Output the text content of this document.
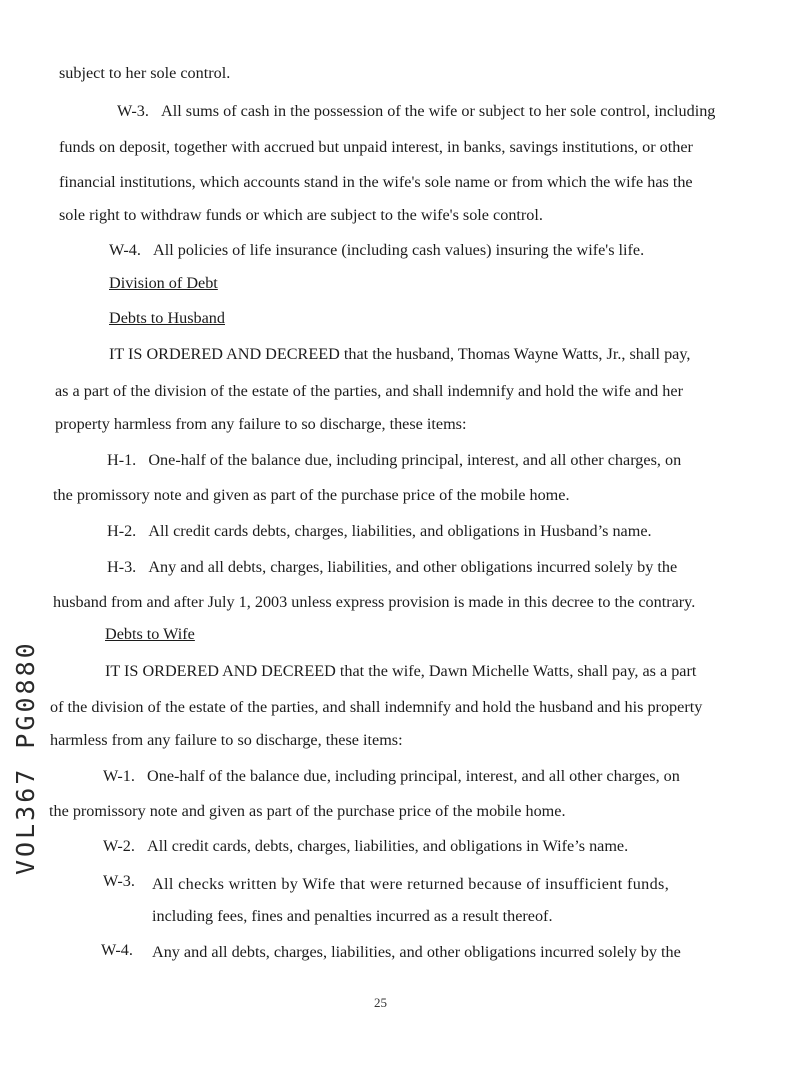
subject to her sole control.
W-3.   All sums of cash in the possession of the wife or subject to her sole control, including
funds on deposit, together with accrued but unpaid interest, in banks, savings institutions, or other
financial institutions, which accounts stand in the wife's sole name or from which the wife has the
sole right to withdraw funds or which are subject to the wife's sole control.
W-4.   All policies of life insurance (including cash values) insuring the wife's life.
Division of Debt
Debts to Husband
IT IS ORDERED AND DECREED that the husband, Thomas Wayne Watts, Jr., shall pay,
as a part of the division of the estate of the parties, and shall indemnify and hold the wife and her
property harmless from any failure to so discharge, these items:
H-1.   One-half of the balance due, including principal, interest, and all other charges, on
the promissory note and given as part of the purchase price of the mobile home.
H-2.   All credit cards debts, charges, liabilities, and obligations in Husband’s name.
H-3.   Any and all debts, charges, liabilities, and other obligations incurred solely by the
husband from and after July 1, 2003 unless express provision is made in this decree to the contrary.
Debts to Wife
IT IS ORDERED AND DECREED that the wife, Dawn Michelle Watts, shall pay, as a part
of the division of the estate of the parties, and shall indemnify and hold the husband and his property
harmless from any failure to so discharge, these items:
W-1.   One-half of the balance due, including principal, interest, and all other charges, on
the promissory note and given as part of the purchase price of the mobile home.
W-2.   All credit cards, debts, charges, liabilities, and obligations in Wife’s name.
W-3. All checks written by Wife that were returned because of insufficient funds,
including fees, fines and penalties incurred as a result thereof.
W-4. Any and all debts, charges, liabilities, and other obligations incurred solely by the
VOL367 PG0880
25
